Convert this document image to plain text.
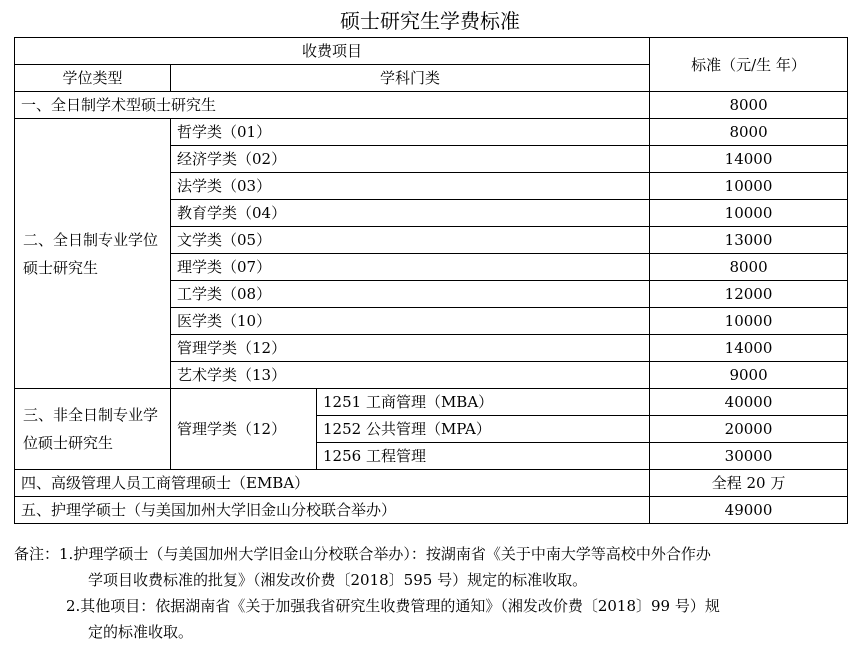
硕士研究生学费标准
收费项目			标准（元/生 年）
学位类型	学科门类		
一、全日制学术型硕士研究生			8000
二、全日制专业学位硕士研究生	哲学类（01）		8000
	经济学类（02）		14000
	法学类（03）		10000
	教育学类（04）		10000
	文学类（05）		13000
	理学类（07）		8000
	工学类（08）		12000
	医学类（10）		10000
	管理学类（12）		14000
	艺术学类（13）		9000
三、非全日制专业学位硕士研究生	管理学类（12）	1251 工商管理（MBA）	40000
		1252 公共管理（MPA）	20000
		1256 工程管理	30000
四、高级管理人员工商管理硕士（EMBA）			全程 20 万
五、护理学硕士（与美国加州大学旧金山分校联合举办）			49000
备注：1.护理学硕士（与美国加州大学旧金山分校联合举办）：按湖南省《关于中南大学等高校中外合作办
学项目收费标准的批复》（湘发改价费〔2018〕595 号）规定的标准收取。
2.其他项目：依据湖南省《关于加强我省研究生收费管理的通知》（湘发改价费〔2018〕99 号）规
定的标准收取。
